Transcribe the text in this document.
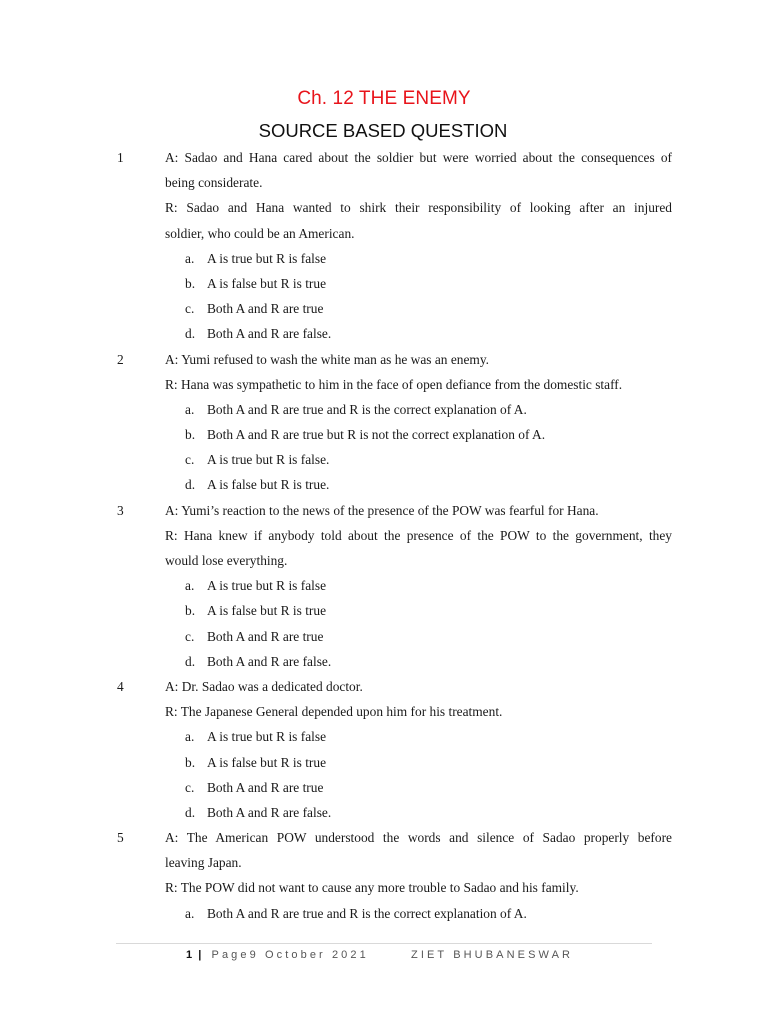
Ch. 12 THE ENEMY
SOURCE BASED QUESTION
1	A: Sadao and Hana cared about the soldier but were worried about the consequences of
being considerate.
R: Sadao and Hana wanted to shirk their responsibility of looking after an injured
soldier, who could be an American.
a. A is true but R is false
b. A is false but R is true
c. Both A and R are true
d. Both A and R are false.
2	A: Yumi refused to wash the white man as he was an enemy.
R: Hana was sympathetic to him in the face of open defiance from the domestic staff.
a. Both A and R are true and R is the correct explanation of A.
b. Both A and R are true but R is not the correct explanation of A.
c. A is true but R is false.
d. A is false but R is true.
3	A: Yumi’s reaction to the news of the presence of the POW was fearful for Hana.
R: Hana knew if anybody told about the presence of the POW to the government, they
would lose everything.
a. A is true but R is false
b. A is false but R is true
c. Both A and R are true
d. Both A and R are false.
4	A: Dr. Sadao was a dedicated doctor.
R: The Japanese General depended upon him for his treatment.
a. A is true but R is false
b. A is false but R is true
c. Both A and R are true
d. Both A and R are false.
5	A: The American POW understood the words and silence of Sadao properly before
leaving Japan.
R: The POW did not want to cause any more trouble to Sadao and his family.
a. Both A and R are true and R is the correct explanation of A.
1 | Page9 October 2021	ZIET BHUBANESWAR
